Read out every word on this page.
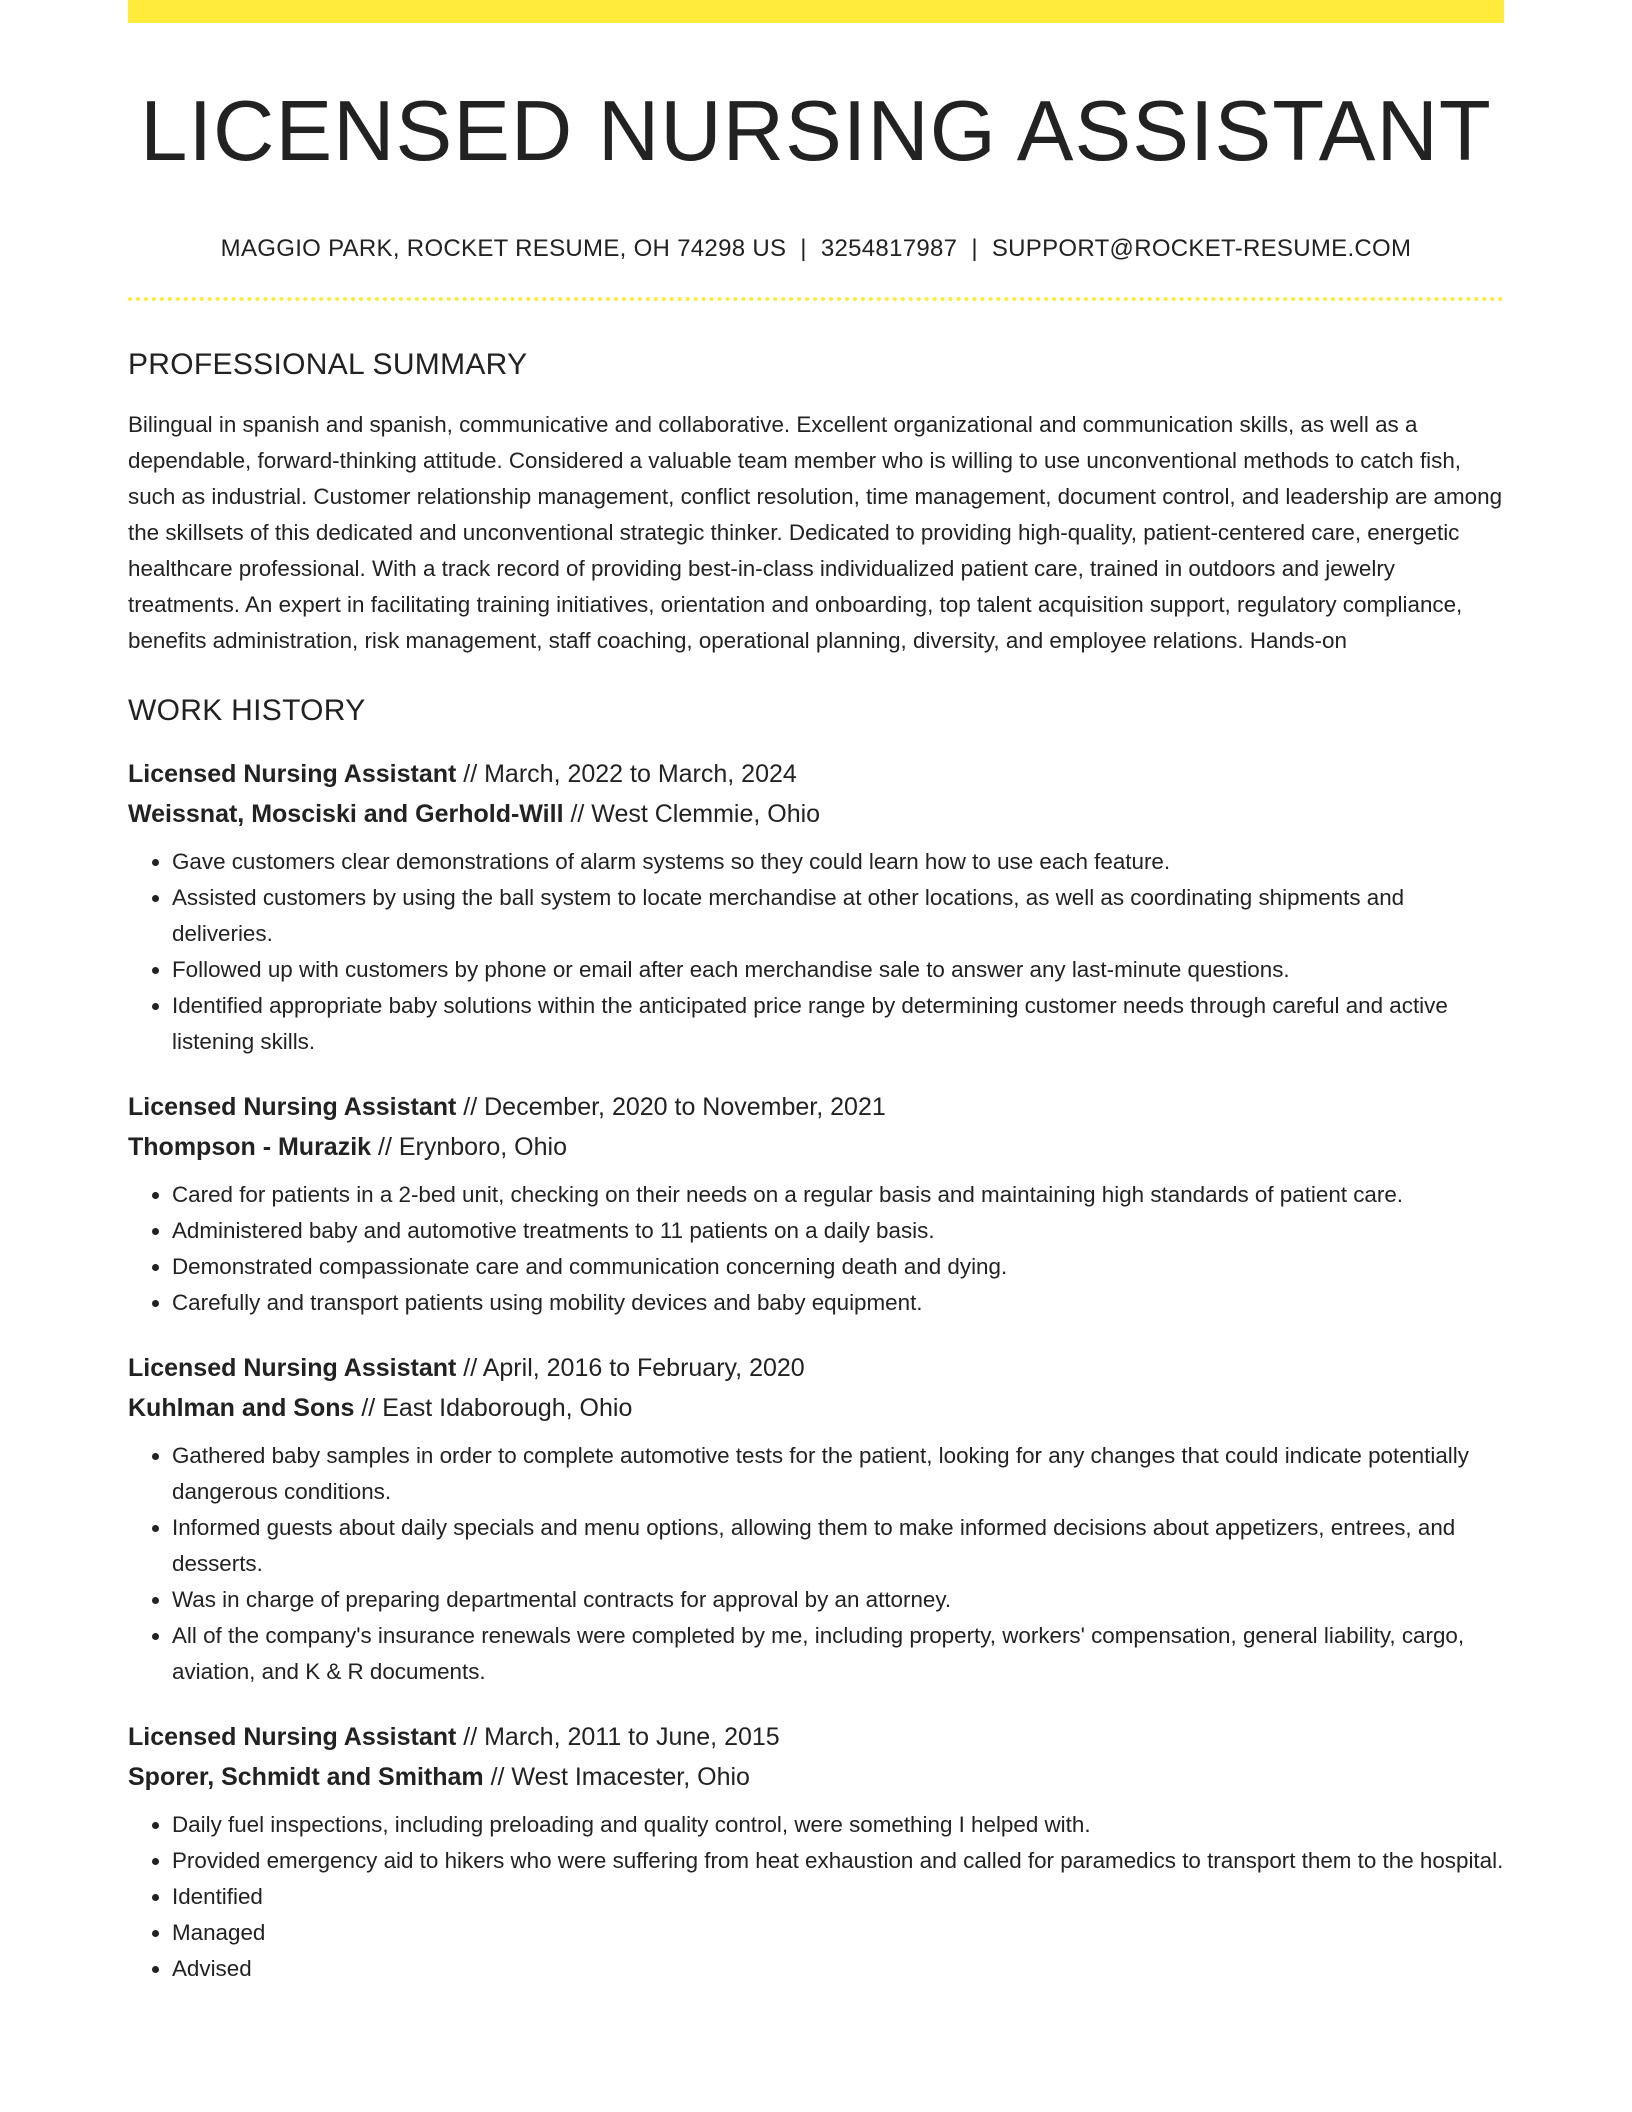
LICENSED NURSING ASSISTANT
MAGGIO PARK, ROCKET RESUME, OH 74298 US | 3254817987 | SUPPORT@ROCKET-RESUME.COM
PROFESSIONAL SUMMARY

Bilingual in spanish and spanish, communicative and collaborative. Excellent organizational and communication skills, as well as a dependable, forward-thinking attitude. Considered a valuable team member who is willing to use unconventional methods to catch fish, such as industrial. Customer relationship management, conflict resolution, time management, document control, and leadership are among the skillsets of this dedicated and unconventional strategic thinker. Dedicated to providing high-quality, patient-centered care, energetic healthcare professional. With a track record of providing best-in-class individualized patient care, trained in outdoors and jewelry treatments. An expert in facilitating training initiatives, orientation and onboarding, top talent acquisition support, regulatory compliance, benefits administration, risk management, staff coaching, operational planning, diversity, and employee relations. Hands-on

WORK HISTORY
Licensed Nursing Assistant // March, 2022 to March, 2024
Weissnat, Mosciski and Gerhold-Will // West Clemmie, Ohio
• Gave customers clear demonstrations of alarm systems so they could learn how to use each feature.
• Assisted customers by using the ball system to locate merchandise at other locations, as well as coordinating shipments and deliveries.
• Followed up with customers by phone or email after each merchandise sale to answer any last-minute questions.
• Identified appropriate baby solutions within the anticipated price range by determining customer needs through careful and active listening skills.
Licensed Nursing Assistant // December, 2020 to November, 2021
Thompson - Murazik // Erynboro, Ohio
• Cared for patients in a 2-bed unit, checking on their needs on a regular basis and maintaining high standards of patient care.
• Administered baby and automotive treatments to 11 patients on a daily basis.
• Demonstrated compassionate care and communication concerning death and dying.
• Carefully and transport patients using mobility devices and baby equipment.
Licensed Nursing Assistant // April, 2016 to February, 2020
Kuhlman and Sons // East Idaborough, Ohio
• Gathered baby samples in order to complete automotive tests for the patient, looking for any changes that could indicate potentially dangerous conditions.
• Informed guests about daily specials and menu options, allowing them to make informed decisions about appetizers, entrees, and desserts.
• Was in charge of preparing departmental contracts for approval by an attorney.
• All of the company's insurance renewals were completed by me, including property, workers' compensation, general liability, cargo, aviation, and K & R documents.
Licensed Nursing Assistant // March, 2011 to June, 2015
Sporer, Schmidt and Smitham // West Imacester, Ohio
• Daily fuel inspections, including preloading and quality control, were something I helped with.
• Provided emergency aid to hikers who were suffering from heat exhaustion and called for paramedics to transport them to the hospital.
• Identified
• Managed
• Advised
